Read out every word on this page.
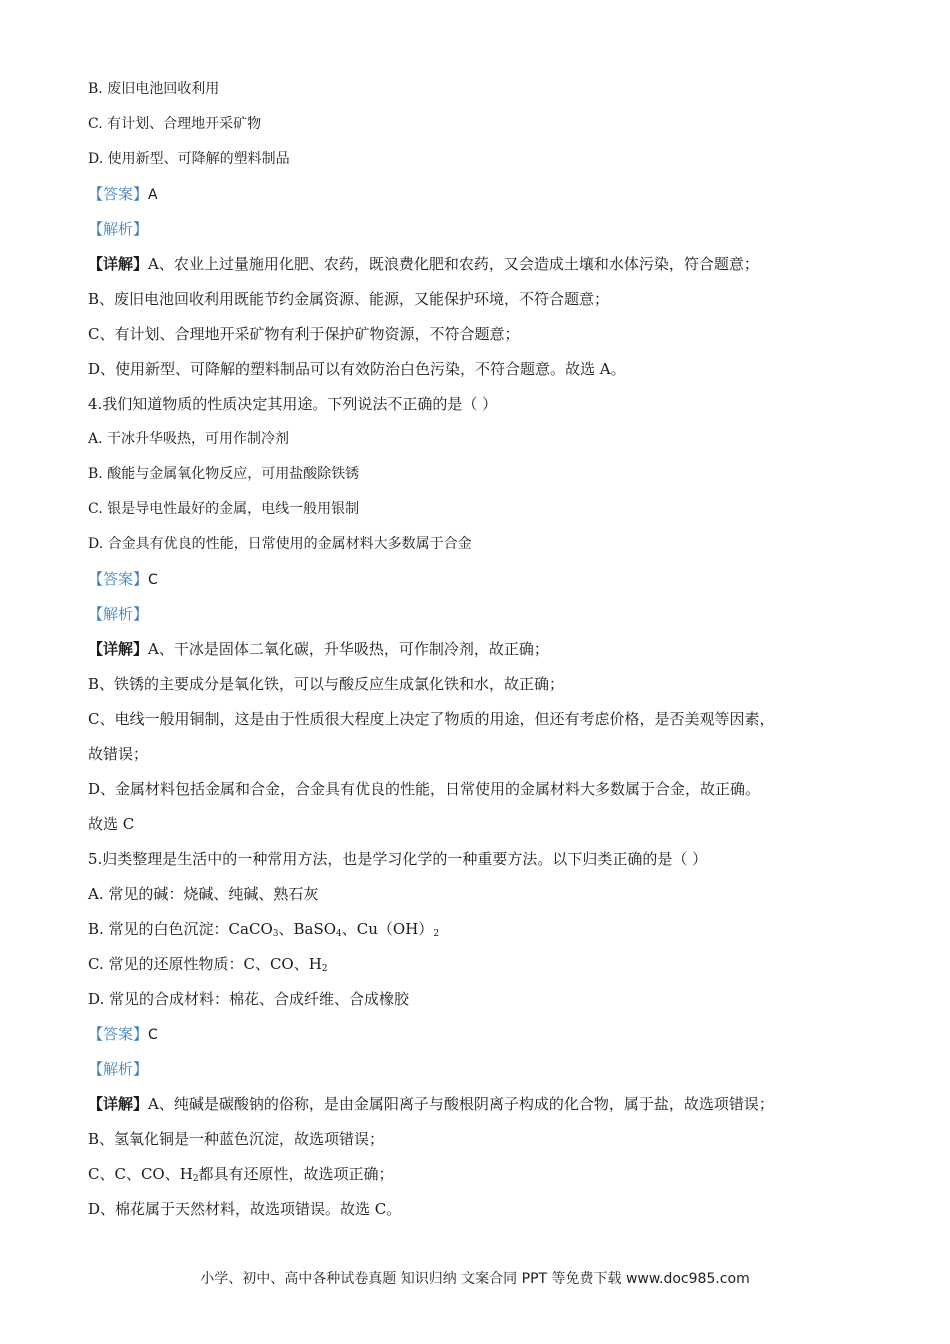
B. 废旧电池回收利用
C. 有计划、合理地开采矿物
D. 使用新型、可降解的塑料制品
【答案】A
【解析】
【详解】A、农业上过量施用化肥、农药，既浪费化肥和农药，又会造成土壤和水体污染，符合题意；
B、废旧电池回收利用既能节约金属资源、能源，又能保护环境，不符合题意；
C、有计划、合理地开采矿物有利于保护矿物资源，不符合题意；
D、使用新型、可降解的塑料制品可以有效防治白色污染，不符合题意。故选 A。
4.我们知道物质的性质决定其用途。下列说法不正确的是（ ）
A. 干冰升华吸热，可用作制冷剂
B. 酸能与金属氧化物反应，可用盐酸除铁锈
C. 银是导电性最好的金属，电线一般用银制
D. 合金具有优良的性能，日常使用的金属材料大多数属于合金
【答案】C
【解析】
【详解】A、干冰是固体二氧化碳，升华吸热，可作制冷剂，故正确；
B、铁锈的主要成分是氧化铁，可以与酸反应生成氯化铁和水，故正确；
C、电线一般用铜制，这是由于性质很大程度上决定了物质的用途，但还有考虑价格，是否美观等因素，
故错误；
D、金属材料包括金属和合金，合金具有优良的性能，日常使用的金属材料大多数属于合金，故正确。
故选 C
5.归类整理是生活中的一种常用方法，也是学习化学的一种重要方法。以下归类正确的是（ ）
A. 常见的碱：烧碱、纯碱、熟石灰
B. 常见的白色沉淀：CaCO$_3$、BaSO$_4$、$Cu(OH)_2$
C. 常见的还原性物质：C、CO、$H_2$
D. 常见的合成材料：棉花、合成纤维、合成橡胶
【答案】C
【解析】
【详解】A、纯碱是碳酸钠的俗称，是由金属阳离子与酸根阴离子构成的化合物，属于盐，故选项错误；
B、氢氧化铜是一种蓝色沉淀，故选项错误；
C、C、CO、$H_2$都具有还原性，故选项正确；
D、棉花属于天然材料，故选项错误。故选 C。
小学、初中、高中各种试卷真题 知识归纳 文案合同 PPT 等免费下载 www.doc985.com
